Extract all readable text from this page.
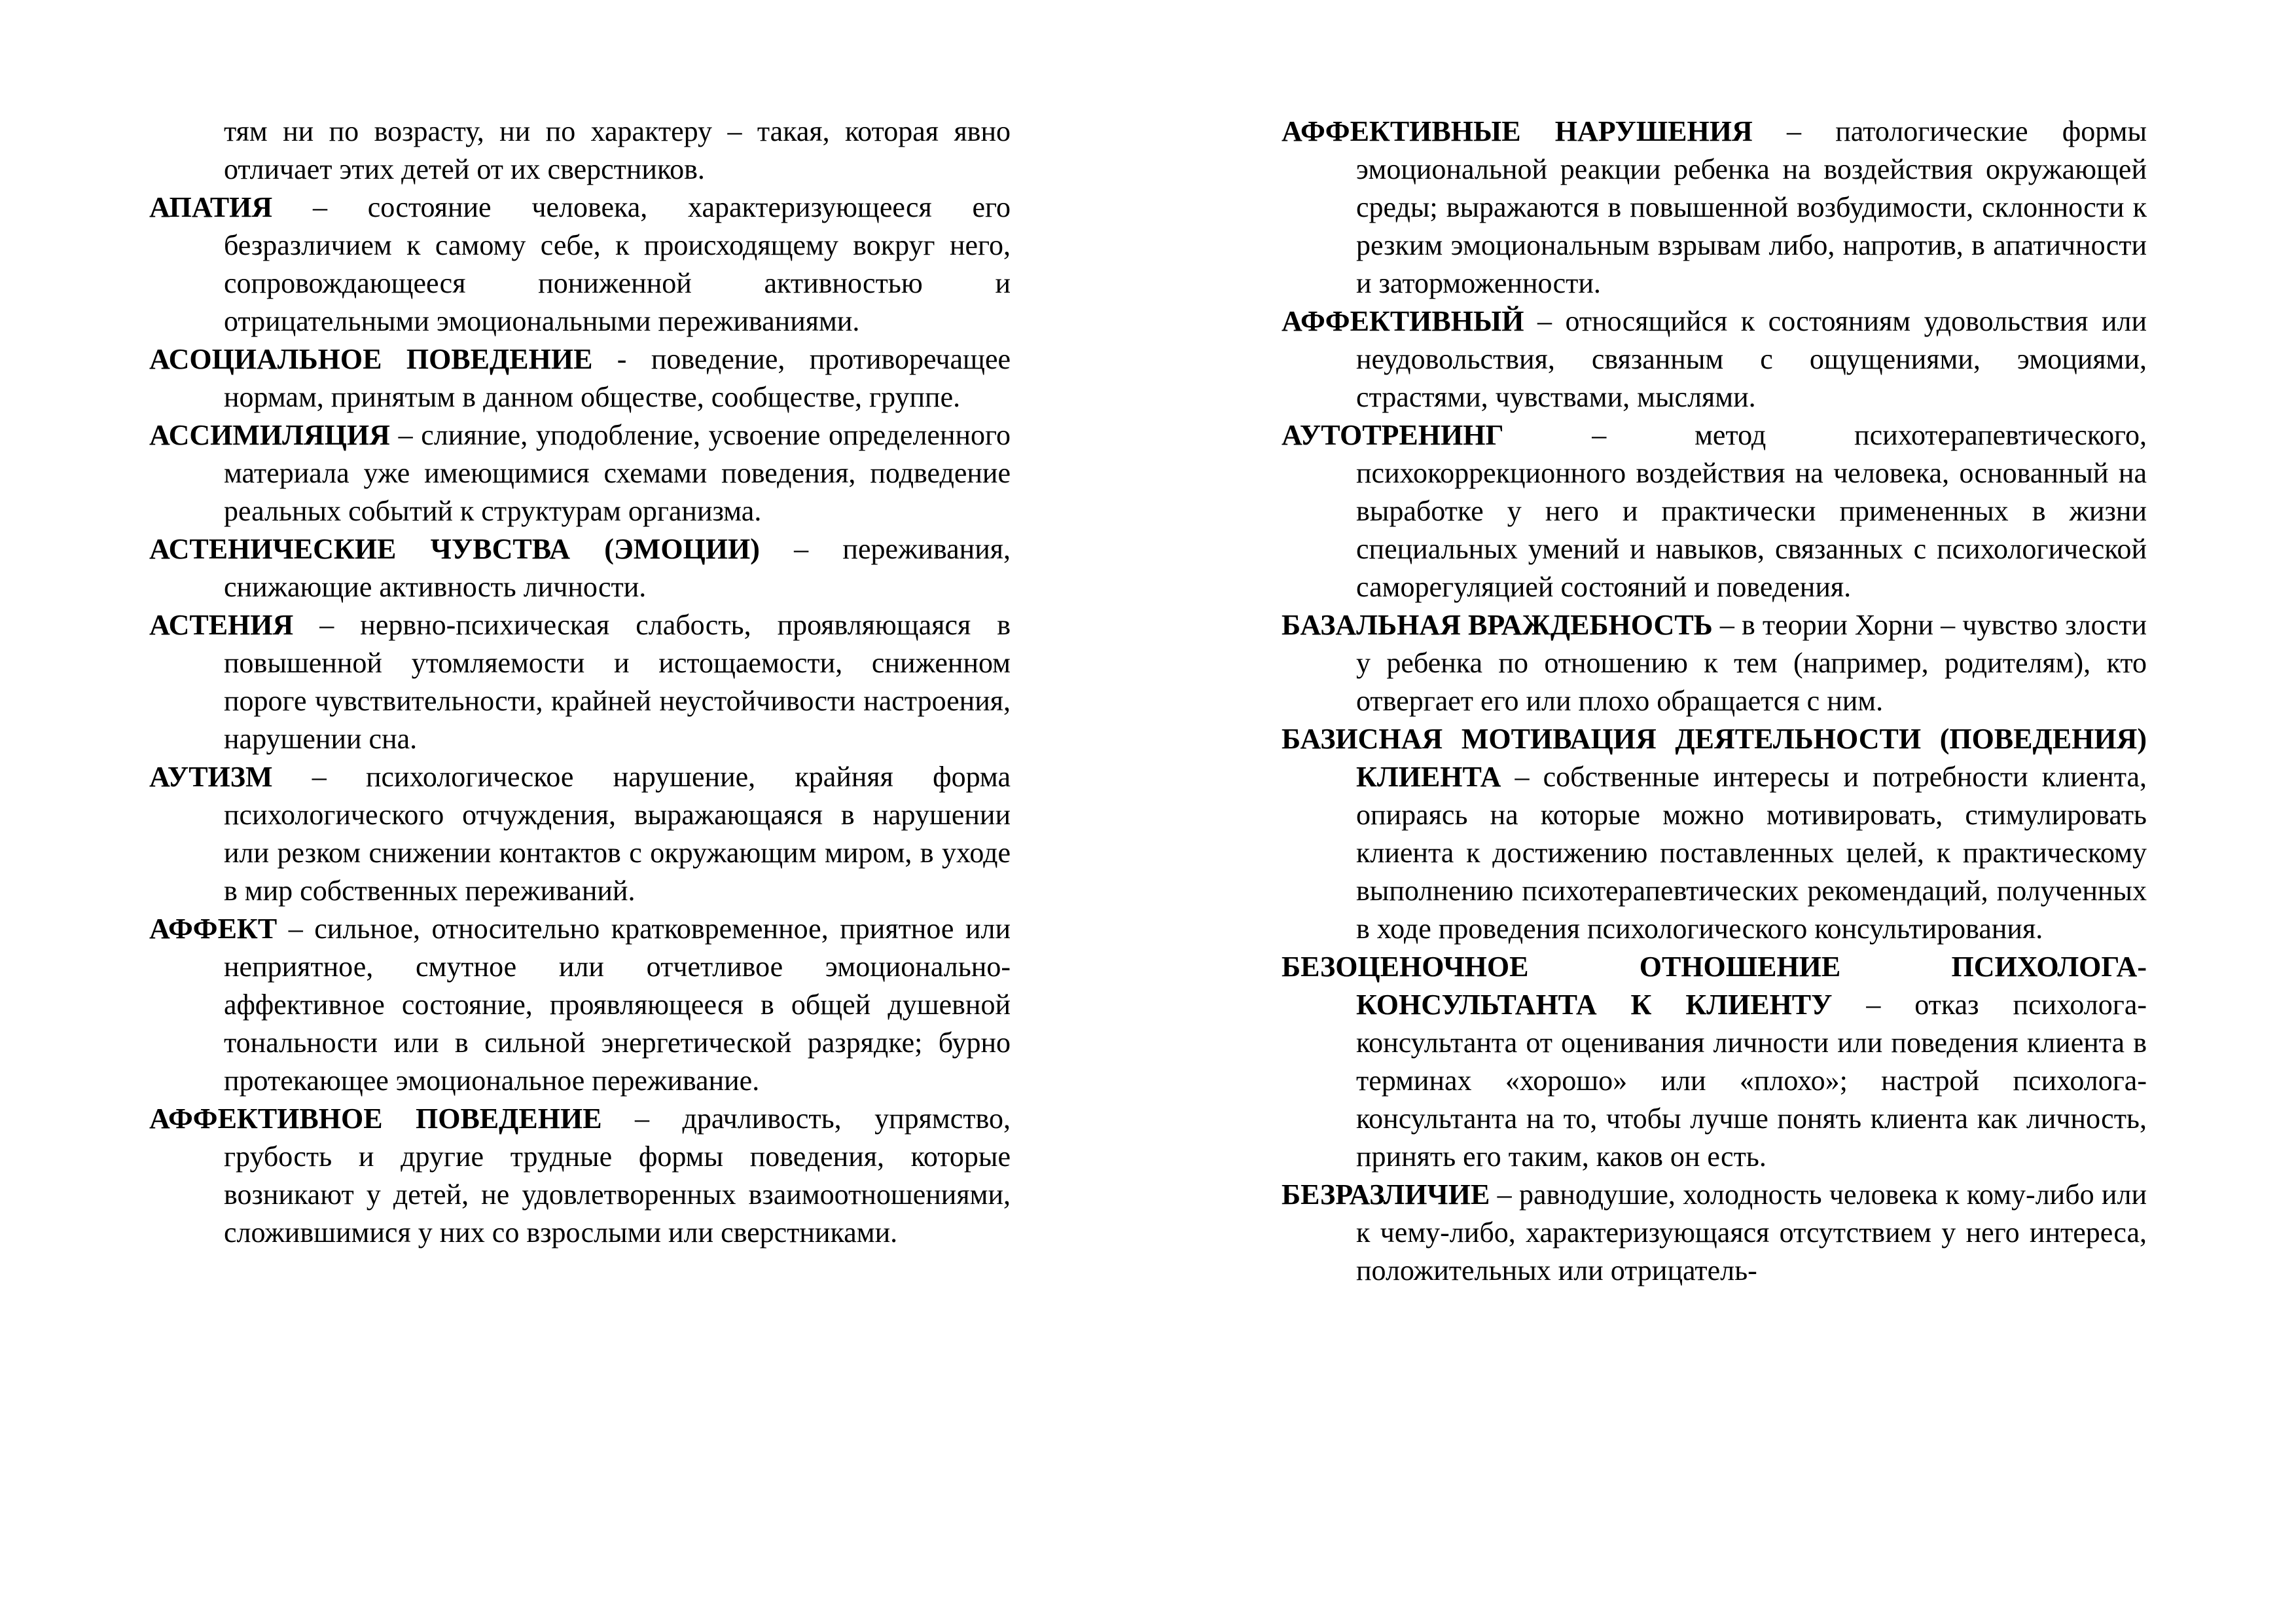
тям ни по возрасту, ни по характеру – такая, которая явно отличает этих детей от их сверстников.

АПАТИЯ – состояние человека, характеризующееся его безразличием к самому себе, к происходящему вокруг него, сопровождающееся пониженной активностью и отрицательными эмоциональными переживаниями.

АСОЦИАЛЬНОЕ ПОВЕДЕНИЕ - поведение, противоречащее нормам, принятым в данном обществе, сообществе, группе.

АССИМИЛЯЦИЯ – слияние, уподобление, усвоение определенного материала уже имеющимися схемами поведения, подведение реальных событий к структурам организма.

АСТЕНИЧЕСКИЕ ЧУВСТВА (ЭМОЦИИ) – переживания, снижающие активность личности.

АСТЕНИЯ – нервно-психическая слабость, проявляющаяся в повышенной утомляемости и истощаемости, сниженном пороге чувствительности, крайней неустойчивости настроения, нарушении сна.

АУТИЗМ – психологическое нарушение, крайняя форма психологического отчуждения, выражающаяся в нарушении или резком снижении контактов с окружающим миром, в уходе в мир собственных переживаний.

АФФЕКТ – сильное, относительно кратковременное, приятное или неприятное, смутное или отчетливое эмоционально-аффективное состояние, проявляющееся в общей душевной тональности или в сильной энергетической разрядке; бурно протекающее эмоциональное переживание.

АФФЕКТИВНОЕ ПОВЕДЕНИЕ – драчливость, упрямство, грубость и другие трудные формы поведения, которые возникают у детей, не удовлетворенных взаимоотношениями, сложившимися у них со взрослыми или сверстниками.

АФФЕКТИВНЫЕ НАРУШЕНИЯ – патологические формы эмоциональной реакции ребенка на воздействия окружающей среды; выражаются в повышенной возбудимости, склонности к резким эмоциональным взрывам либо, напротив, в апатичности и заторможенности.

АФФЕКТИВНЫЙ – относящийся к состояниям удовольствия или неудовольствия, связанным с ощущениями, эмоциями, страстями, чувствами, мыслями.

АУТОТРЕНИНГ – метод психотерапевтического, психокоррекционного воздействия на человека, основанный на выработке у него и практически примененных в жизни специальных умений и навыков, связанных с психологической саморегуляцией состояний и поведения.

БАЗАЛЬНАЯ ВРАЖДЕБНОСТЬ – в теории Хорни – чувство злости у ребенка по отношению к тем (например, родителям), кто отвергает его или плохо обращается с ним.

БАЗИСНАЯ МОТИВАЦИЯ ДЕЯТЕЛЬНОСТИ (ПОВЕДЕНИЯ) КЛИЕНТА – собственные интересы и потребности клиента, опираясь на которые можно мотивировать, стимулировать клиента к достижению поставленных целей, к практическому выполнению психотерапевтических рекомендаций, полученных в ходе проведения психологического консультирования.

БЕЗОЦЕНОЧНОЕ ОТНОШЕНИЕ ПСИХОЛОГА-КОНСУЛЬТАНТА К КЛИЕНТУ – отказ психолога-консультанта от оценивания личности или поведения клиента в терминах «хорошо» или «плохо»; настрой психолога-консультанта на то, чтобы лучше понять клиента как личность, принять его таким, каков он есть.

БЕЗРАЗЛИЧИЕ – равнодушие, холодность человека к кому-либо или к чему-либо, характеризующаяся отсутствием у него интереса, положительных или отрицатель-
